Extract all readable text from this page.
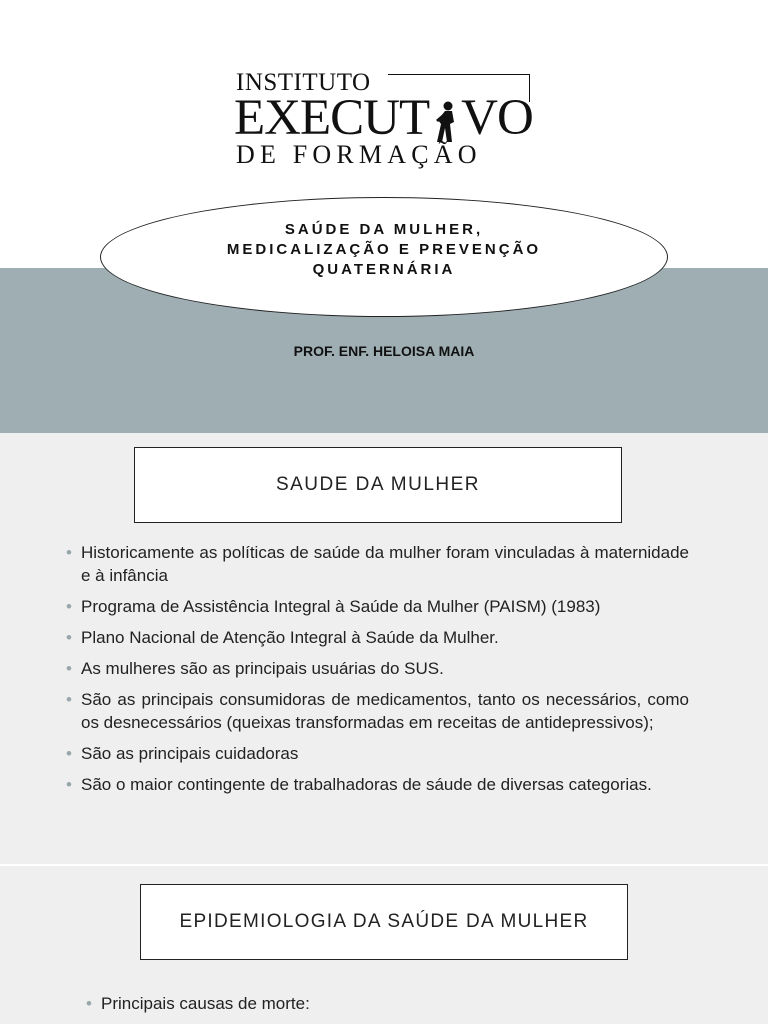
INSTITUTO
EXECUT VO
DE FORMAÇÃO
SAÚDE DA MULHER,
MEDICALIZAÇÃO E PREVENÇÃO
QUATERNÁRIA
PROF. ENF. HELOISA MAIA
SAUDE DA MULHER
• Historicamente as políticas de saúde da mulher foram vinculadas à maternidade e à infância
• Programa de Assistência Integral à Saúde da Mulher (PAISM) (1983)
• Plano Nacional de Atenção Integral à Saúde da Mulher.
• As mulheres são as principais usuárias do SUS.
• São as principais consumidoras de medicamentos, tanto os necessários, como os desnecessários (queixas transformadas em receitas de antidepressivos);
• São as principais cuidadoras
• São o maior contingente de trabalhadoras de sáude de diversas categorias.
EPIDEMIOLOGIA DA SAÚDE DA MULHER
• Principais causas de morte:
